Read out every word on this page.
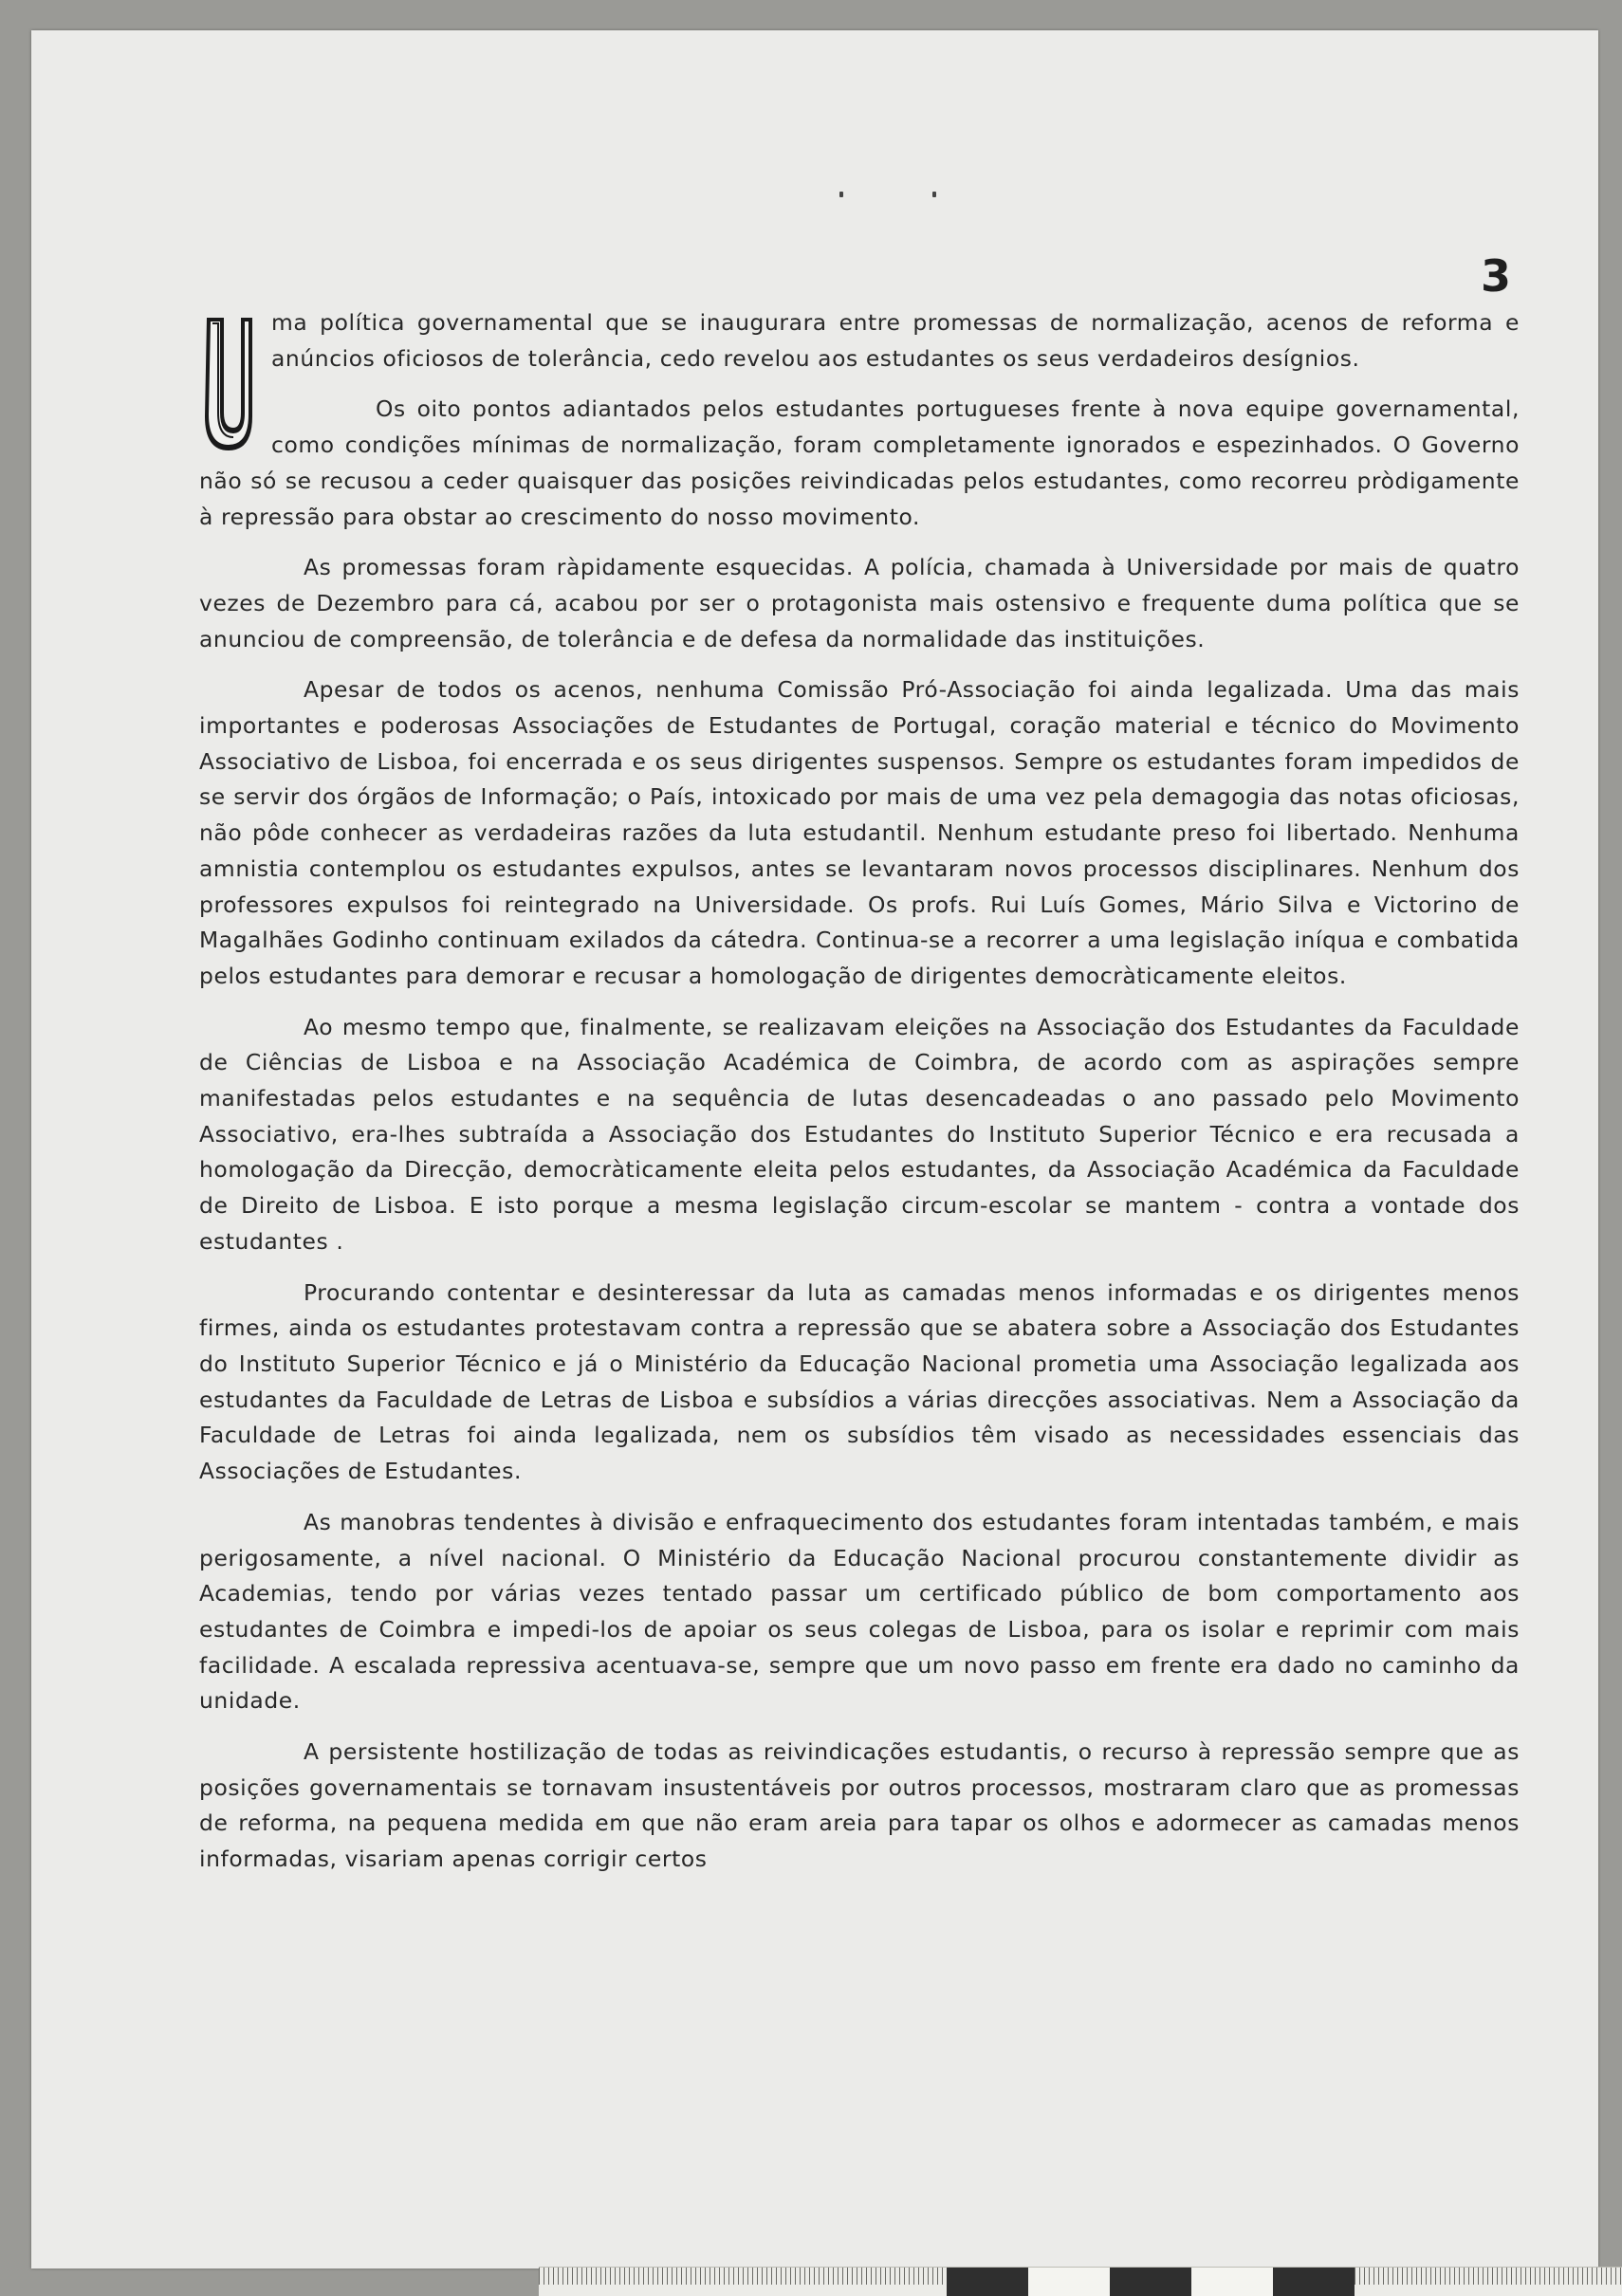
3

ma política governamental que se inaugurara entre promessas de normalização, acenos de reforma e anúncios oficiosos de tolerância, cedo revelou aos estudantes os seus verdadeiros desígnios.

Os oito pontos adiantados pelos estudantes portugueses frente à nova equipe governamental, como condições mínimas de normalização, foram completamente ignorados e espezinhados. O Governo não só se recusou a ceder quaisquer das posições reivindicadas pelos estudantes, como recorreu pròdigamente à repressão para obstar ao crescimento do nosso movimento.

As promessas foram ràpidamente esquecidas. A polícia, chamada à Universidade por mais de quatro vezes de Dezembro para cá, acabou por ser o protagonista mais ostensivo e frequente duma política que se anunciou de compreensão, de tolerância e de defesa da normalidade das instituições.

Apesar de todos os acenos, nenhuma Comissão Pró-Associação foi ainda legalizada. Uma das mais importantes e poderosas Associações de Estudantes de Portugal, coração material e técnico do Movimento Associativo de Lisboa, foi encerrada e os seus dirigentes suspensos. Sempre os estudantes foram impedidos de se servir dos órgãos de Informação; o País, intoxicado por mais de uma vez pela demagogia das notas oficiosas, não pôde conhecer as verdadeiras razões da luta estudantil. Nenhum estudante preso foi libertado. Nenhuma amnistia contemplou os estudantes expulsos, antes se levantaram novos processos disciplinares. Nenhum dos professores expulsos foi reintegrado na Universidade. Os profs. Rui Luís Gomes, Mário Silva e Victorino de Magalhães Godinho continuam exilados da cátedra. Continua-se a recorrer a uma legislação iníqua e combatida pelos estudantes para demorar e recusar a homologação de dirigentes democràticamente eleitos.

Ao mesmo tempo que, finalmente, se realizavam eleições na Associação dos Estudantes da Faculdade de Ciências de Lisboa e na Associação Académica de Coimbra, de acordo com as aspirações sempre manifestadas pelos estudantes e na sequência de lutas desencadeadas o ano passado pelo Movimento Associativo, era-lhes subtraída a Associação dos Estudantes do Instituto Superior Técnico e era recusada a homologação da Direcção, democràticamente eleita pelos estudantes, da Associação Académica da Faculdade de Direito de Lisboa. E isto porque a mesma legislação circum-escolar se mantem - contra a vontade dos estudantes .

Procurando contentar e desinteressar da luta as camadas menos informadas e os dirigentes menos firmes, ainda os estudantes protestavam contra a repressão que se abatera sobre a Associação dos Estudantes do Instituto Superior Técnico e já o Ministério da Educação Nacional prometia uma Associação legalizada aos estudantes da Faculdade de Letras de Lisboa e subsídios a várias direcções associativas. Nem a Associação da Faculdade de Letras foi ainda legalizada, nem os subsídios têm visado as necessidades essenciais das Associações de Estudantes.

As manobras tendentes à divisão e enfraquecimento dos estudantes foram intentadas também, e mais perigosamente, a nível nacional. O Ministério da Educação Nacional procurou constantemente dividir as Academias, tendo por várias vezes tentado passar um certificado público de bom comportamento aos estudantes de Coimbra e impedi-los de apoiar os seus colegas de Lisboa, para os isolar e reprimir com mais facilidade. A escalada repressiva acentuava-se, sempre que um novo passo em frente era dado no caminho da unidade.

A persistente hostilização de todas as reivindicações estudantis, o recurso à repressão sempre que as posições governamentais se tornavam insustentáveis por outros processos, mostraram claro que as promessas de reforma, na pequena medida em que não eram areia para tapar os olhos e adormecer as camadas menos informadas, visariam apenas corrigir certos
